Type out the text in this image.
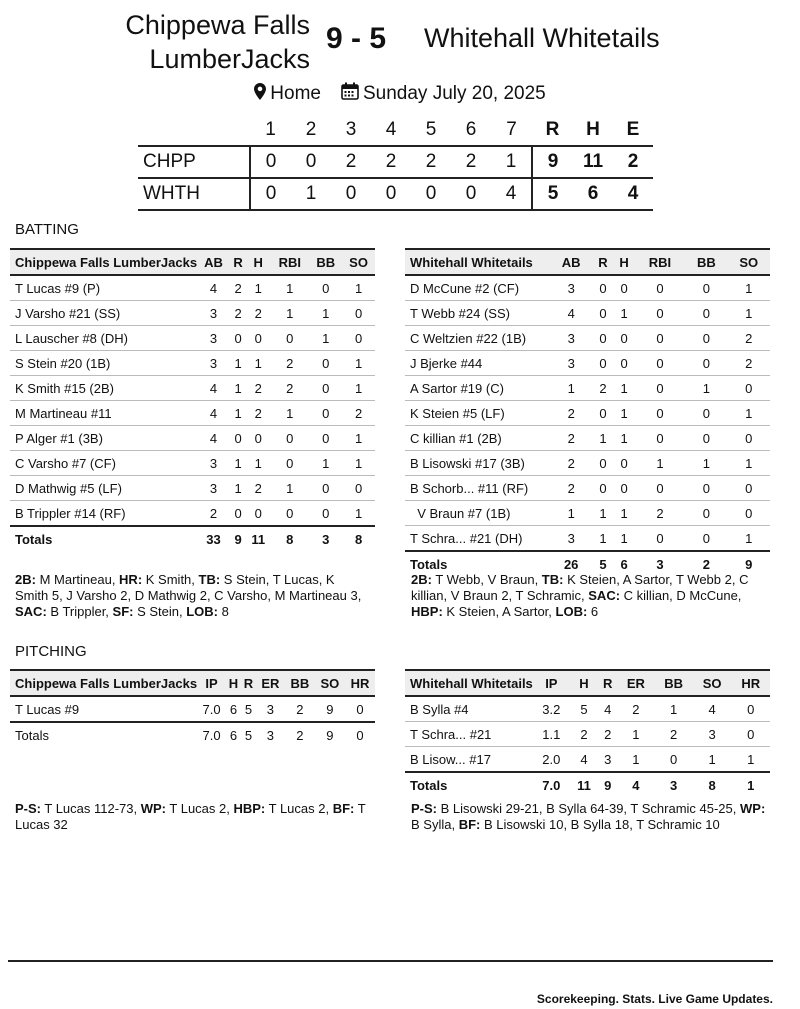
Chippewa Falls
LumberJacks
9 - 5 Whitehall Whitetails
Home Sunday July 20, 2025
	1	2	3	4	5	6	7	R	H	E
CHPP	0	0	2	2	2	2	1	9	11	2
WHTH	0	1	0	0	0	0	4	5	6	4
BATTING
Chippewa Falls LumberJacks	AB	R	H	RBI	BB	SO
T Lucas #9 (P)	4	2	1	1	0	1
J Varsho #21 (SS)	3	2	2	1	1	0
L Lauscher #8 (DH)	3	0	0	0	1	0
S Stein #20 (1B)	3	1	1	2	0	1
K Smith #15 (2B)	4	1	2	2	0	1
M Martineau #11	4	1	2	1	0	2
P Alger #1 (3B)	4	0	0	0	0	1
C Varsho #7 (CF)	3	1	1	0	1	1
D Mathwig #5 (LF)	3	1	2	1	0	0
B Trippler #14 (RF)	2	0	0	0	0	1
Totals	33	9	11	8	3	8
Whitehall Whitetails	AB	R	H	RBI	BB	SO
D McCune #2 (CF)	3	0	0	0	0	1
T Webb #24 (SS)	4	0	1	0	0	1
C Weltzien #22 (1B)	3	0	0	0	0	2
J Bjerke #44	3	0	0	0	0	2
A Sartor #19 (C)	1	2	1	0	1	0
K Steien #5 (LF)	2	0	1	0	0	1
C killian #1 (2B)	2	1	1	0	0	0
B Lisowski #17 (3B)	2	0	0	1	1	1
B Schorb... #11 (RF)	2	0	0	0	0	0
V Braun #7 (1B)	1	1	1	2	0	0
T Schra... #21 (DH)	3	1	1	0	0	1
Totals	26	5	6	3	2	9
2B: M Martineau, HR: K Smith, TB: S Stein, T Lucas, K Smith 5, J Varsho 2, D Mathwig 2, C Varsho, M Martineau 3, SAC: B Trippler, SF: S Stein, LOB: 8
2B: T Webb, V Braun, TB: K Steien, A Sartor, T Webb 2, C killian, V Braun 2, T Schramic, SAC: C killian, D McCune, HBP: K Steien, A Sartor, LOB: 6
PITCHING
Chippewa Falls LumberJacks	IP	H	R	ER	BB	SO	HR
T Lucas #9	7.0	6	5	3	2	9	0
Totals	7.0	6	5	3	2	9	0
Whitehall Whitetails	IP	H	R	ER	BB	SO	HR
B Sylla #4	3.2	5	4	2	1	4	0
T Schra... #21	1.1	2	2	1	2	3	0
B Lisow... #17	2.0	4	3	1	0	1	1
Totals	7.0	11	9	4	3	8	1
P-S: T Lucas 112-73, WP: T Lucas 2, HBP: T Lucas 2, BF: T Lucas 32
P-S: B Lisowski 29-21, B Sylla 64-39, T Schramic 45-25, WP: B Sylla, BF: B Lisowski 10, B Sylla 18, T Schramic 10
Scorekeeping. Stats. Live Game Updates.
